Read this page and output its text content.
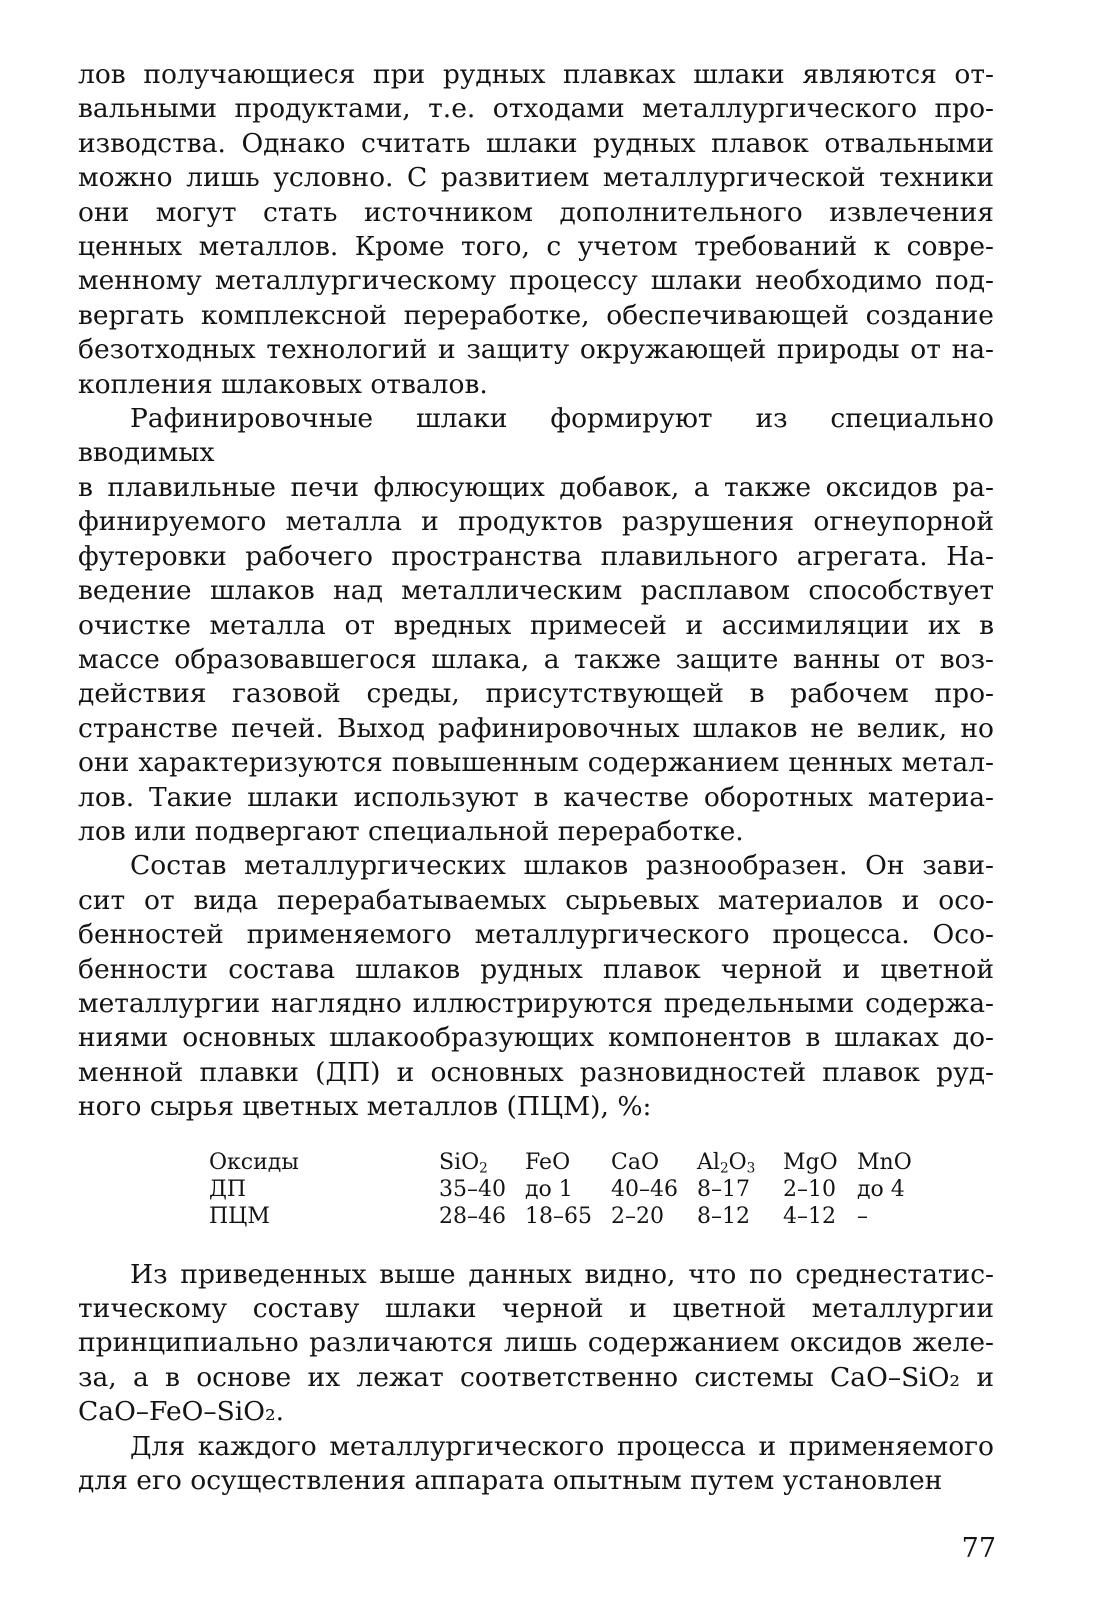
лов получающиеся при рудных плавках шлаки являются от-
вальными продуктами, т.е. отходами металлургического про-
изводства. Однако считать шлаки рудных плавок отвальными
можно лишь условно. С развитием металлургической техники
они могут стать источником дополнительного извлечения
ценных металлов. Кроме того, с учетом требований к совре-
менному металлургическому процессу шлаки необходимо под-
вергать комплексной переработке, обеспечивающей создание
безотходных технологий и защиту окружающей природы от на-
копления шлаковых отвалов.

Рафинировочные шлаки формируют из специально вводимых
в плавильные печи флюсующих добавок, а также оксидов ра-
финируемого металла и продуктов разрушения огнеупорной
футеровки рабочего пространства плавильного агрегата. На-
ведение шлаков над металлическим расплавом способствует
очистке металла от вредных примесей и ассимиляции их в
массе образовавшегося шлака, а также защите ванны от воз-
действия газовой среды, присутствующей в рабочем про-
странстве печей. Выход рафинировочных шлаков не велик, но
они характеризуются повышенным содержанием ценных метал-
лов. Такие шлаки используют в качестве оборотных материа-
лов или подвергают специальной переработке.

Состав металлургических шлаков разнообразен. Он зави-
сит от вида перерабатываемых сырьевых материалов и осо-
бенностей применяемого металлургического процесса. Осо-
бенности состава шлаков рудных плавок черной и цветной
металлургии наглядно иллюстрируются предельными содержа-
ниями основных шлакообразующих компонентов в шлаках до-
менной плавки (ДП) и основных разновидностей плавок руд-
ного сырья цветных металлов (ПЦМ), %:

Оксиды	SiO$_2$	FeO	CaO	$Al_2O_3$	MgO	MnO
ДП	35–40	до 1	40–46	8–17	2–10	до 4
ПЦМ	28–46	18–65	2–20	8–12	4–12	–

Из приведенных выше данных видно, что по среднестатис-
тическому составу шлаки черной и цветной металлургии
принципиально различаются лишь содержанием оксидов желе-
за, а в основе их лежат соответственно системы CaO–SiO₂ и
CaO–FeO–SiO₂.

Для каждого металлургического процесса и применяемого
для его осуществления аппарата опытным путем установлен

77
